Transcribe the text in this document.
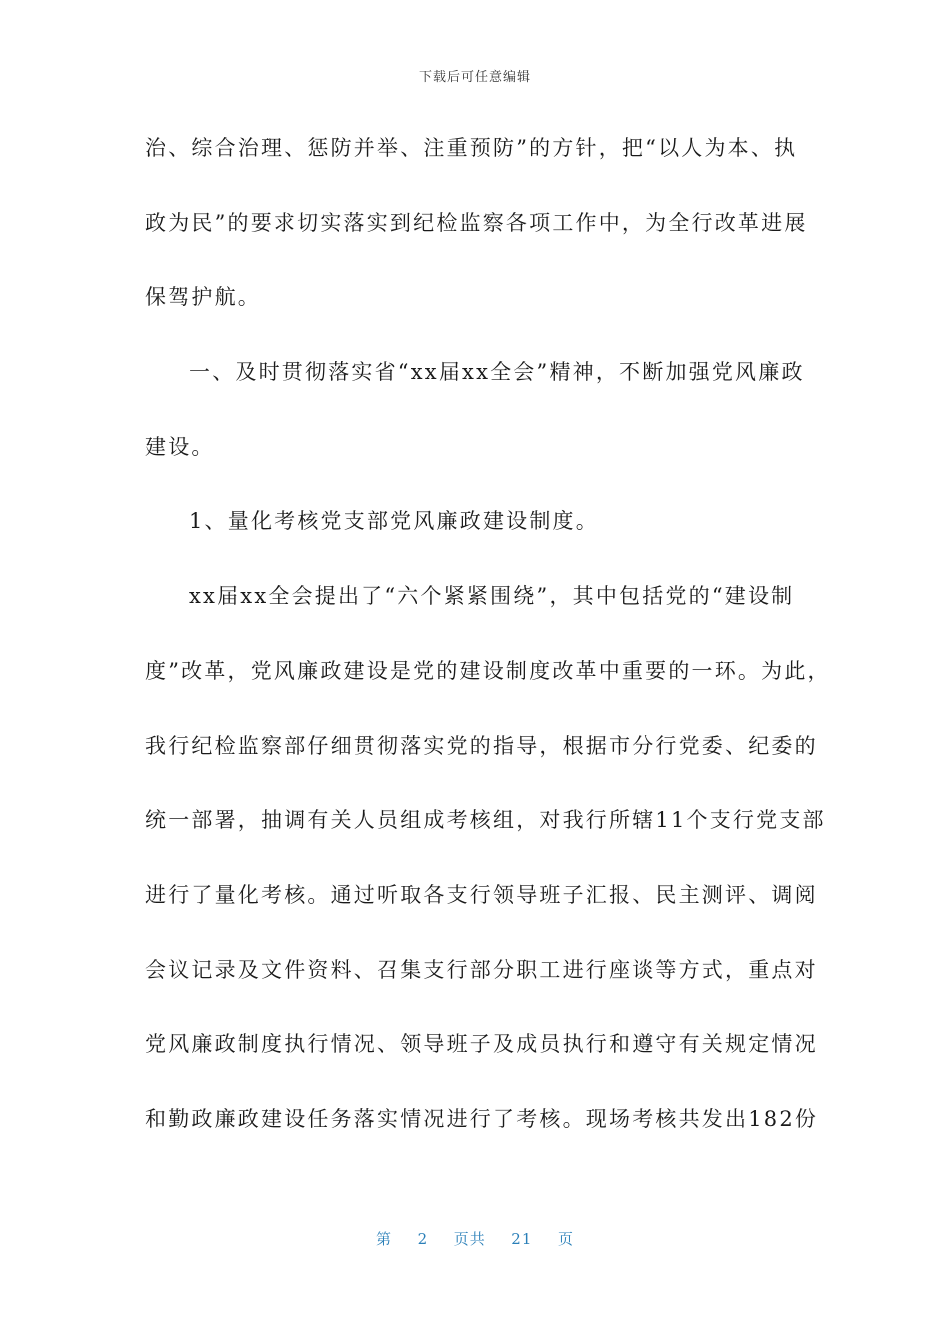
下载后可任意编辑
治、综合治理、惩防并举、注重预防”的方针，把“以人为本、执
政为民”的要求切实落实到纪检监察各项工作中，为全行改革进展
保驾护航。
一、及时贯彻落实省“xx届xx全会”精神，不断加强党风廉政
建设。
1、量化考核党支部党风廉政建设制度。
xx届xx全会提出了“六个紧紧围绕”，其中包括党的“建设制
度”改革，党风廉政建设是党的建设制度改革中重要的一环。为此，
我行纪检监察部仔细贯彻落实党的指导，根据市分行党委、纪委的
统一部署，抽调有关人员组成考核组，对我行所辖11个支行党支部
进行了量化考核。通过听取各支行领导班子汇报、民主测评、调阅
会议记录及文件资料、召集支行部分职工进行座谈等方式，重点对
党风廉政制度执行情况、领导班子及成员执行和遵守有关规定情况
和勤政廉政建设任务落实情况进行了考核。现场考核共发出182份
第 2 页共 21 页
